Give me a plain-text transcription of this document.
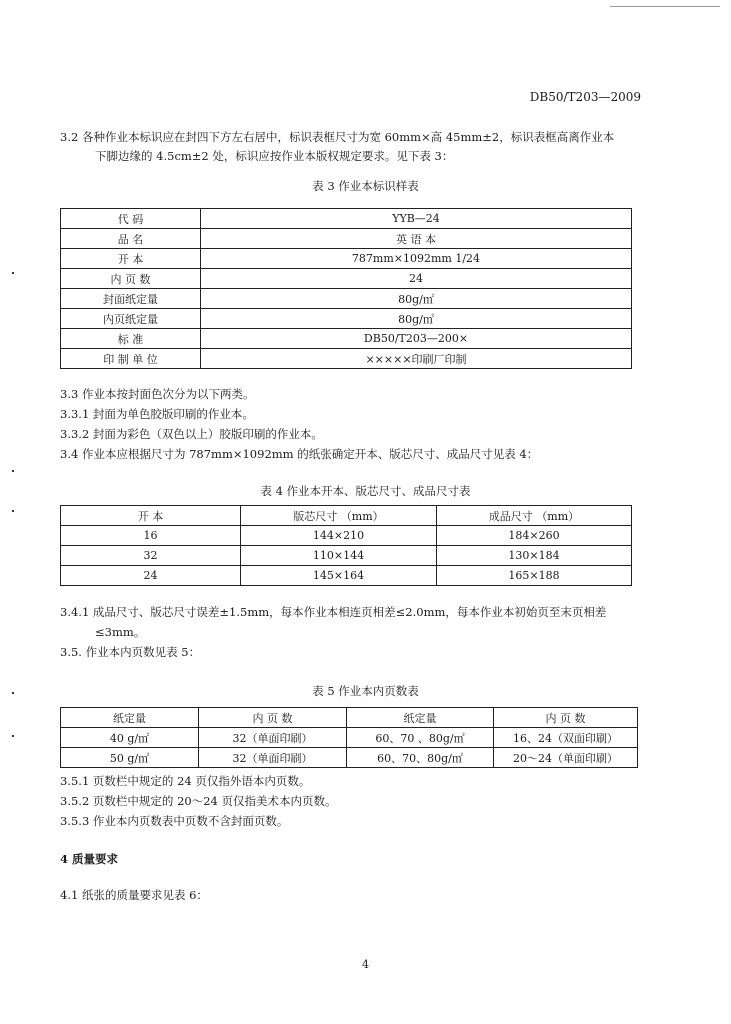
DB50/T203—2009
3.2 各种作业本标识应在封四下方左右居中，标识表框尺寸为宽 60mm×高 45mm±2，标识表框高离作业本
下脚边缘的 4.5cm±2 处，标识应按作业本版权规定要求。见下表 3：
表 3 作业本标识样表
代 码	YYB—24
品 名	英 语 本
开 本	787mm×1092mm 1/24
内 页 数	24
封面纸定量	80g/㎡
内页纸定量	80g/㎡
标 准	DB50/T203—200×
印 制 单 位	×××××印刷厂印制
3.3 作业本按封面色次分为以下两类。
3.3.1 封面为单色胶版印刷的作业本。
3.3.2 封面为彩色（双色以上）胶版印刷的作业本。
3.4 作业本应根据尺寸为 787mm×1092mm 的纸张确定开本、版芯尺寸、成品尺寸见表 4：
表 4 作业本开本、版芯尺寸、成品尺寸表
开 本	版芯尺寸 （mm）	成品尺寸 （mm）
16	144×210	184×260
32	110×144	130×184
24	145×164	165×188
3.4.1 成品尺寸、版芯尺寸误差±1.5mm，每本作业本相连页相差≤2.0mm，每本作业本初始页至末页相差
≤3mm。
3.5. 作业本内页数见表 5：
表 5 作业本内页数表
纸定量	内 页 数	纸定量	内 页 数
40 g/㎡	32（单面印刷）	60、70 、80g/㎡	16、24（双面印刷）
50 g/㎡	32（单面印刷）	60、70、80g/㎡	20～24（单面印刷）
3.5.1 页数栏中规定的 24 页仅指外语本内页数。
3.5.2 页数栏中规定的 20～24 页仅指美术本内页数。
3.5.3 作业本内页数表中页数不含封面页数。
4 质量要求
4.1 纸张的质量要求见表 6：
4
